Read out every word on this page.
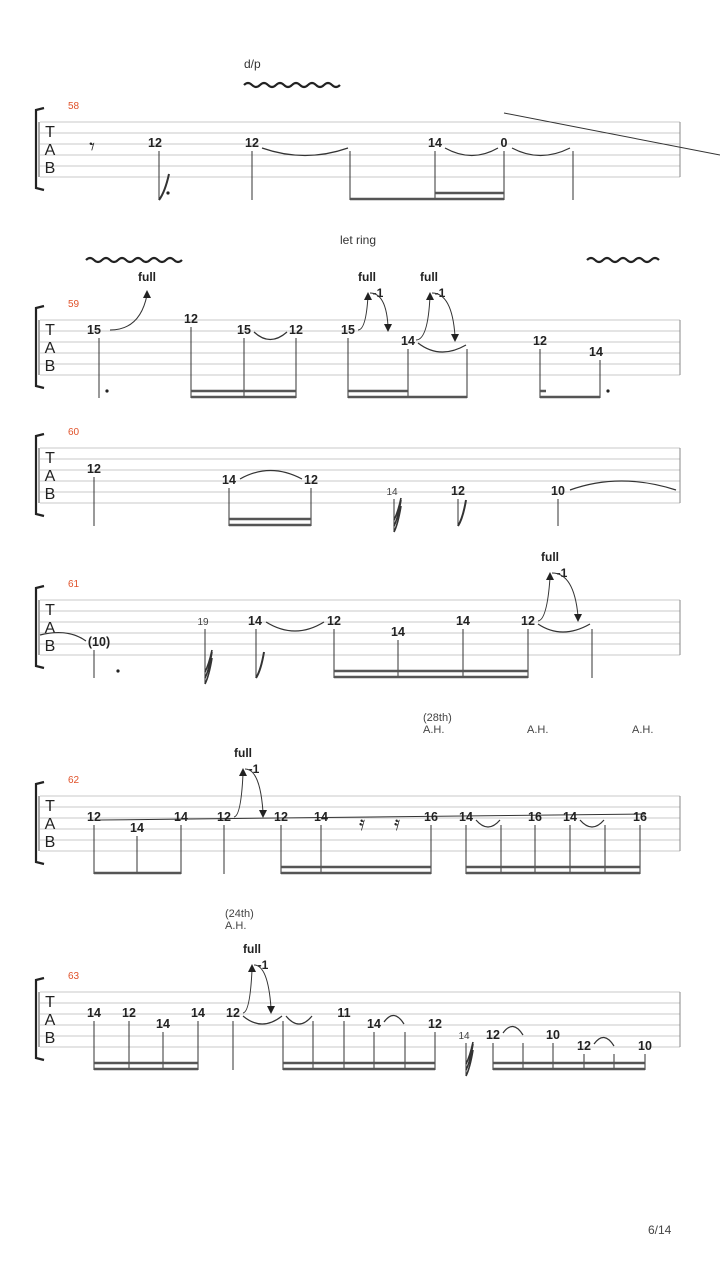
T
A
B
58
d/p
𝄾	12	12	14	0
T
A
B
59
let ring
15
full
12
15	12	15
full
-1
14
full
-1
12
14
T
A
B
60
12
14	12
14	12	10
T
A
B
61
(10)
19	14	12
14
14	12
full
-1
T
A
B
62
(28th)
A.H.	A.H.	A.H.
12
14
14 12
full
-1
12 14 𝄿 𝄿 16 14	16 14	16
T
A
B
63
(24th)
A.H.
14 12
14
14 12
full
-1
11
14	12
14 12	10
12	10
6/14
